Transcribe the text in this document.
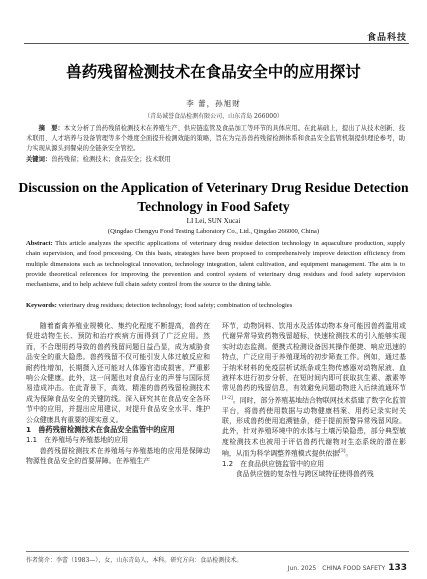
食品科技
兽药残留检测技术在食品安全中的应用探讨
李 蕾，孙旭财
（青岛诚誉食品检测有限公司，山东青岛 266000）
摘　要：本文分析了兽药残留检测技术在养殖生产、供应链监管及食品加工等环节的具体应用。在此基础上，提出了从技术创新、技术联用、人才培养与设备管理等多个维度全面提升检测效能的策略，旨在为完善兽药残留检测体系和食品安全监管机制提供理论参考，助力实现从源头到餐桌的全链条安全管控。
关键词：兽药残留；检测技术；食品安全；技术联用
Discussion on the Application of Veterinary Drug Residue Detection Technology in Food Safety
LI Lei, SUN Xucai
(Qingdao Chengyu Food Testing Laboratory Co., Ltd., Qingdao 266000, China)
Abstract: This article analyzes the specific applications of veterinary drug residue detection technology in aquaculture production, supply chain supervision, and food processing. On this basis, strategies have been proposed to comprehensively improve detection efficiency from multiple dimensions such as technological innovation, technology integration, talent cultivation, and equipment management. The aim is to provide theoretical references for improving the prevention and control system of veterinary drug residues and food safety supervision mechanisms, and to help achieve full chain safety control from the source to the dining table.
Keywords: veterinary drug residues; detection technology; food safety; combination of technologies

随着畜禽养殖业规模化、集约化程度不断提高，兽药在促进动物生长、预防和治疗疾病方面得到了广泛应用。然而，不合理用药导致的兽药残留问题日益凸显，成为威胁食品安全的重大隐患。兽药残留不仅可能引发人体过敏反应和耐药性增加，长期摄入还可能对人体器官造成损害，严重影响公众健康。此外，这一问题也对食品行业的声誉与国际贸易造成冲击。在此背景下，高效、精准的兽药残留检测技术成为保障食品安全的关键防线。深入研究其在食品安全各环节中的应用，并提出应用建议，对提升食品安全水平、维护公众健康具有重要的现实意义。

1　兽药残留检测技术在食品安全监管中的应用

1.1　在养殖场与养殖基地的应用

兽药残留检测技术在养殖场与养殖基地的应用是保障动物源性食品安全的首要屏障。在养殖生产

环节，动物饲料、饮用水及活体动物本身可能因兽药滥用或代谢异常导致药物残留超标，快速检测技术的引入能够实现实时动态监测。便携式检测设备因其操作便捷、响应迅速的特点，广泛应用于养殖现场的初步筛查工作。例如，通过基于纳米材料的免疫层析试纸条或生物传感器对动物尿液、血液样本进行初步分析，在短时间内即可获取抗生素、激素等常见兽药的残留信息，有效避免问题动物进入后续流通环节[1-2]。同时，部分养殖基地结合物联网技术搭建了数字化监管平台，将兽药使用数据与动物健康档案、用药记录实时关联，形成兽药使用追溯链条，便于提前预警异常残留风险。此外，针对养殖环境中的水体与土壤污染隐患，部分典型敏度检测技术也被用于评估兽药代谢物对生态系统的潜在影响，从而为科学调整养殖模式提供依据[3]。

1.2　在食品供应链监管中的应用

食品供应链的复杂性与跨区域特征使得兽药残

作者简介：李蕾（1983—），女，山东青岛人，本科。研究方向：食品检测技术。
Jun. 2025　CHINA FOOD SAFETY 133
